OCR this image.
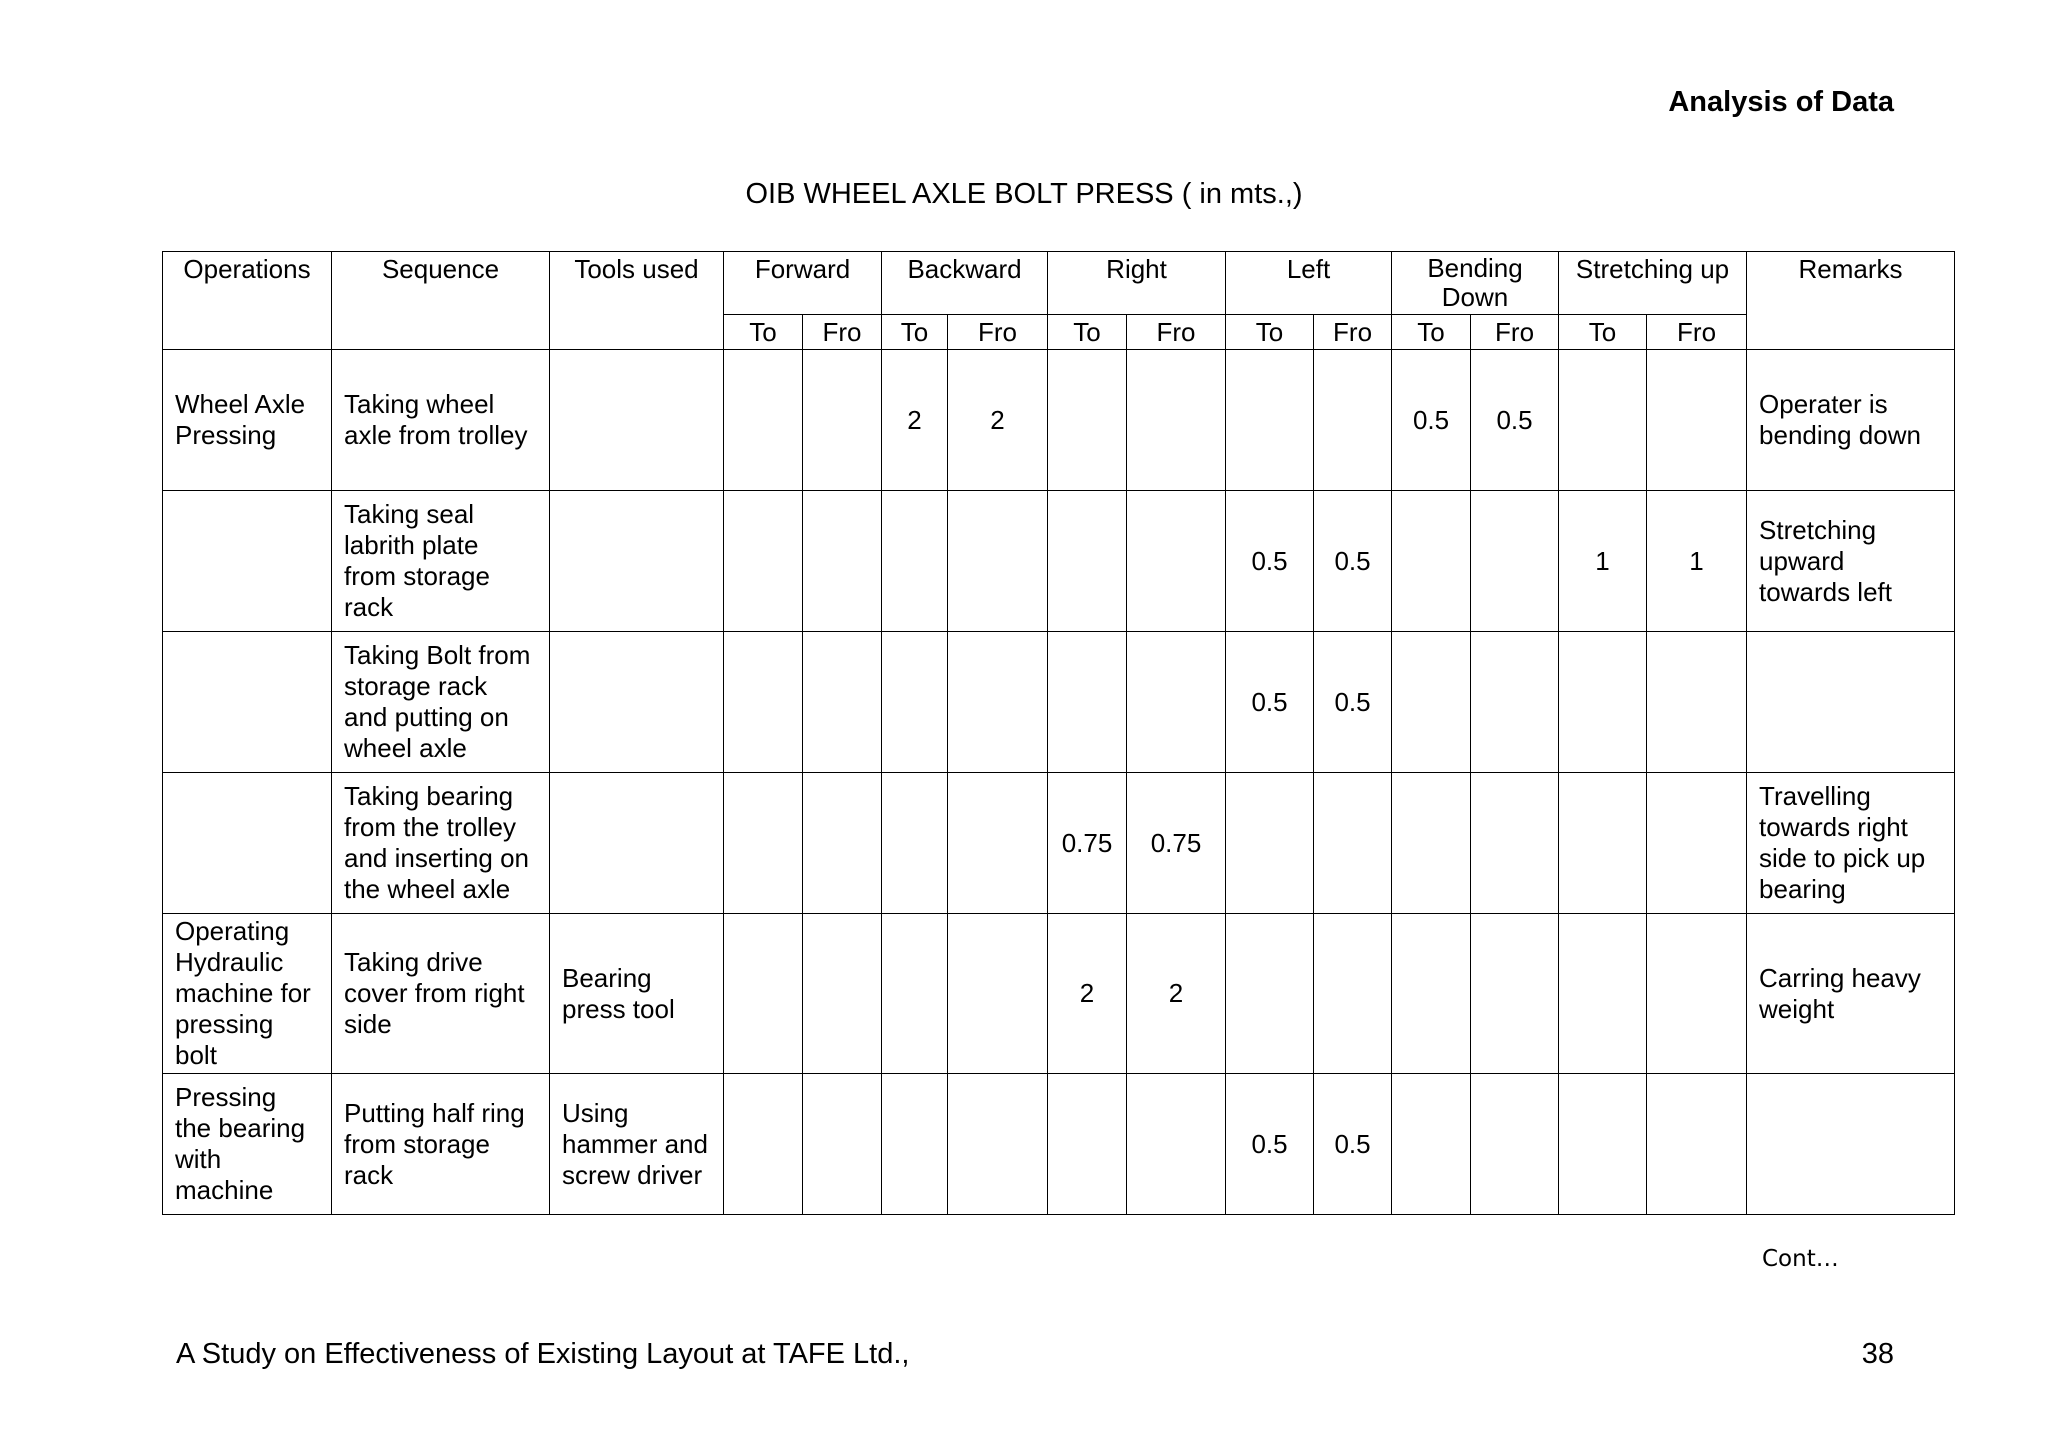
Analysis of Data
OIB WHEEL AXLE BOLT PRESS ( in mts.,)
Operations	Sequence	Tools used	Forward		Backward		Right		Left		Bending Down		Stretching up		Remarks
			To	Fro	To	Fro	To	Fro	To	Fro	To	Fro	To	Fro	
Wheel Axle Pressing	Taking wheel axle from trolley				2	2					0.5	0.5			Operater is bending down
	Taking seal labrith plate from storage rack								0.5	0.5			1	1	Stretching upward towards left
	Taking Bolt from storage rack and putting on wheel axle								0.5	0.5					
	Taking bearing from the trolley and inserting on the wheel axle						0.75	0.75							Travelling towards right side to pick up bearing
Operating Hydraulic machine for pressing bolt	Taking drive cover from right side	Bearing press tool					2	2							Carring heavy weight
Pressing the bearing with machine	Putting half ring from storage rack	Using hammer and screw driver							0.5	0.5					
Cont…
A Study on Effectiveness of Existing Layout at TAFE Ltd.,	38
